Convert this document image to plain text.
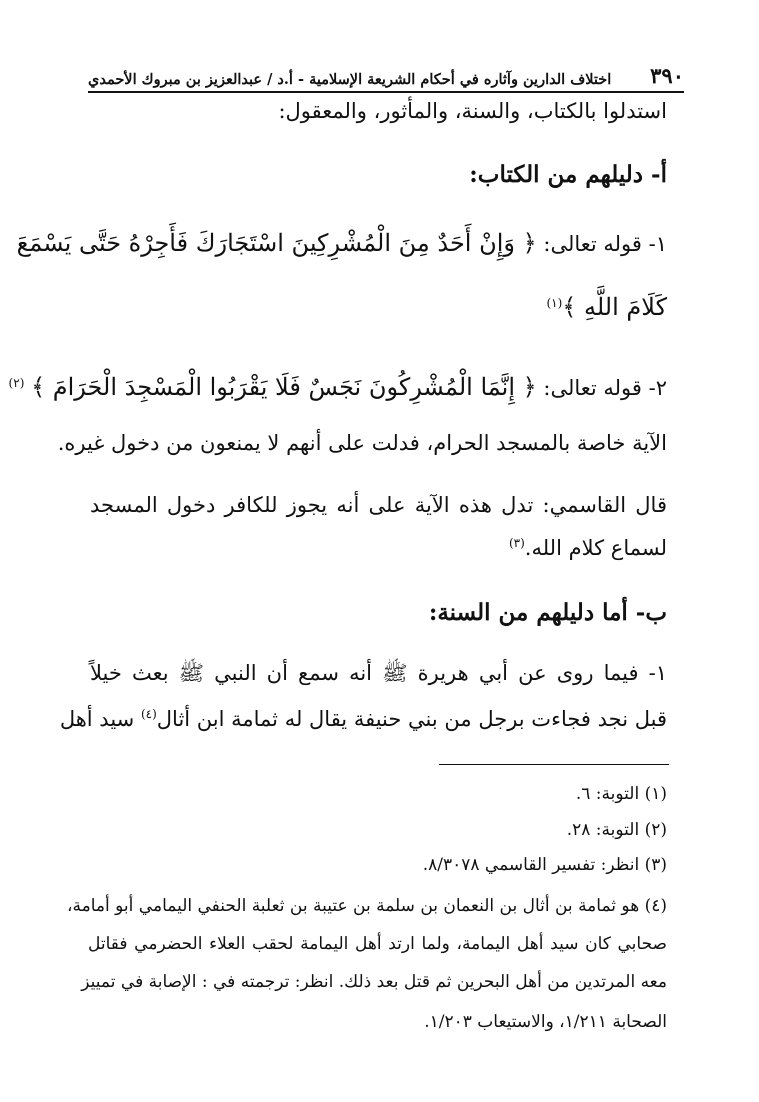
٣٩٠
اختلاف الدارين وآثاره في أحكام الشريعة الإسلامية - أ.د / عبدالعزيز بن مبروك الأحمدي
استدلوا بالكتاب، والسنة، والمأثور، والمعقول:
أ- دليلهم من الكتاب:
١- قوله تعالى: ﴿ وَإِنْ أَحَدٌ مِنَ الْمُشْرِكِينَ اسْتَجَارَكَ فَأَجِرْهُ حَتَّى يَسْمَعَ
كَلَامَ اللَّهِ ﴾$^{(١)}$
٢- قوله تعالى: ﴿ إِنَّمَا الْمُشْرِكُونَ نَجَسٌ فَلَا يَقْرَبُوا الْمَسْجِدَ الْحَرَامَ ﴾ $^{(٢)}$
الآية خاصة بالمسجد الحرام، فدلت على أنهم لا يمنعون من دخول غيره.
قال القاسمي: تدل هذه الآية على أنه يجوز للكافر دخول المسجد
لسماع كلام الله.$^{(٣)}$
ب- أما دليلهم من السنة:
١- فيما روى عن أبي هريرة ﷺ أنه سمع أن النبي ﷺ بعث خيلاً
قبل نجد فجاءت برجل من بني حنيفة يقال له ثمامة ابن أثال$^{(٤)}$ سيد أهل
(١) التوبة: ٦.
(٢) التوبة: ٢٨.
(٣) انظر: تفسير القاسمي ٨/٣٠٧٨.
(٤) هو ثمامة بن أثال بن النعمان بن سلمة بن عتيبة بن ثعلبة الحنفي اليمامي أبو أمامة،
صحابي كان سيد أهل اليمامة، ولما ارتد أهل اليمامة لحقب العلاء الحضرمي فقاتل
معه المرتدين من أهل البحرين ثم قتل بعد ذلك. انظر: ترجمته في : الإصابة في تمييز
الصحابة ١/٢١١، والاستيعاب ١/٢٠٣.
